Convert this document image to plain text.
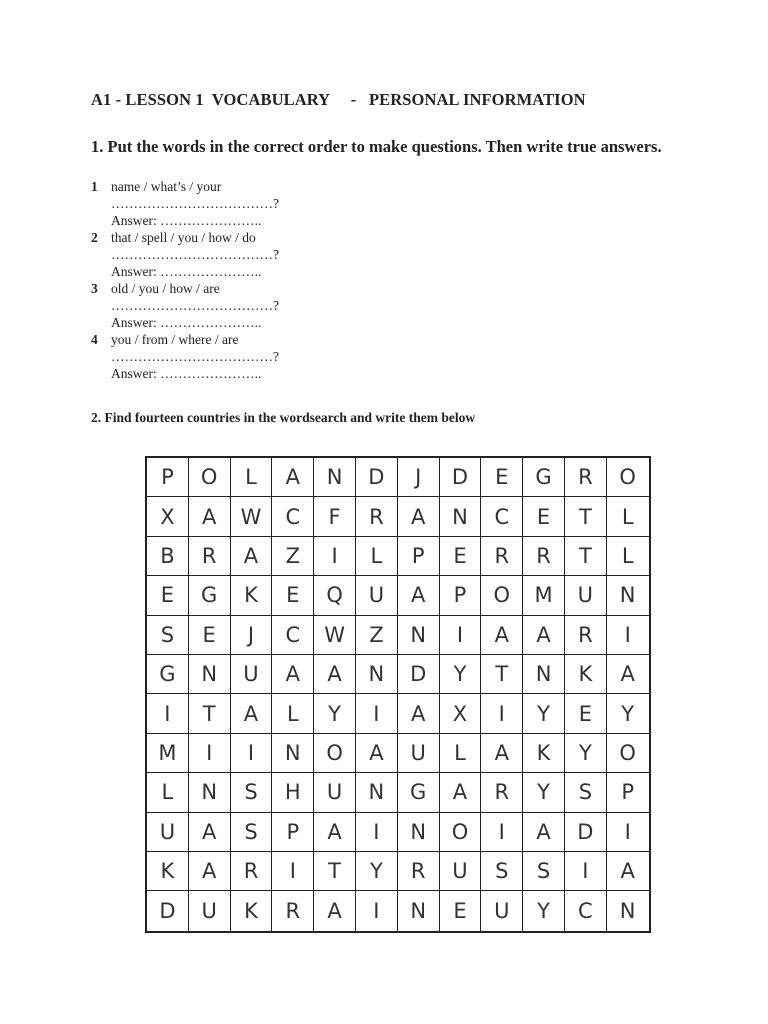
A1 - LESSON 1  VOCABULARY     -   PERSONAL INFORMATION
1. Put the words in the correct order to make questions. Then write true answers.
1 name / what’s / your
………………………………?
Answer: …………………..
2 that / spell / you / how / do
………………………………?
Answer: …………………..
3 old / you / how / are
………………………………?
Answer: …………………..
4 you / from / where / are
………………………………?
Answer: …………………..
2. Find fourteen countries in the wordsearch and write them below
P	O	L	A	N	D	J	D	E	G	R	O
X	A	W	C	F	R	A	N	C	E	T	L
B	R	A	Z	I	L	P	E	R	R	T	L
E	G	K	E	Q	U	A	P	O	M	U	N
S	E	J	C	W	Z	N	I	A	A	R	I
G	N	U	A	A	N	D	Y	T	N	K	A
I	T	A	L	Y	I	A	X	I	Y	E	Y
M	I	I	N	O	A	U	L	A	K	Y	O
L	N	S	H	U	N	G	A	R	Y	S	P
U	A	S	P	A	I	N	O	I	A	D	I
K	A	R	I	T	Y	R	U	S	S	I	A
D	U	K	R	A	I	N	E	U	Y	C	N
